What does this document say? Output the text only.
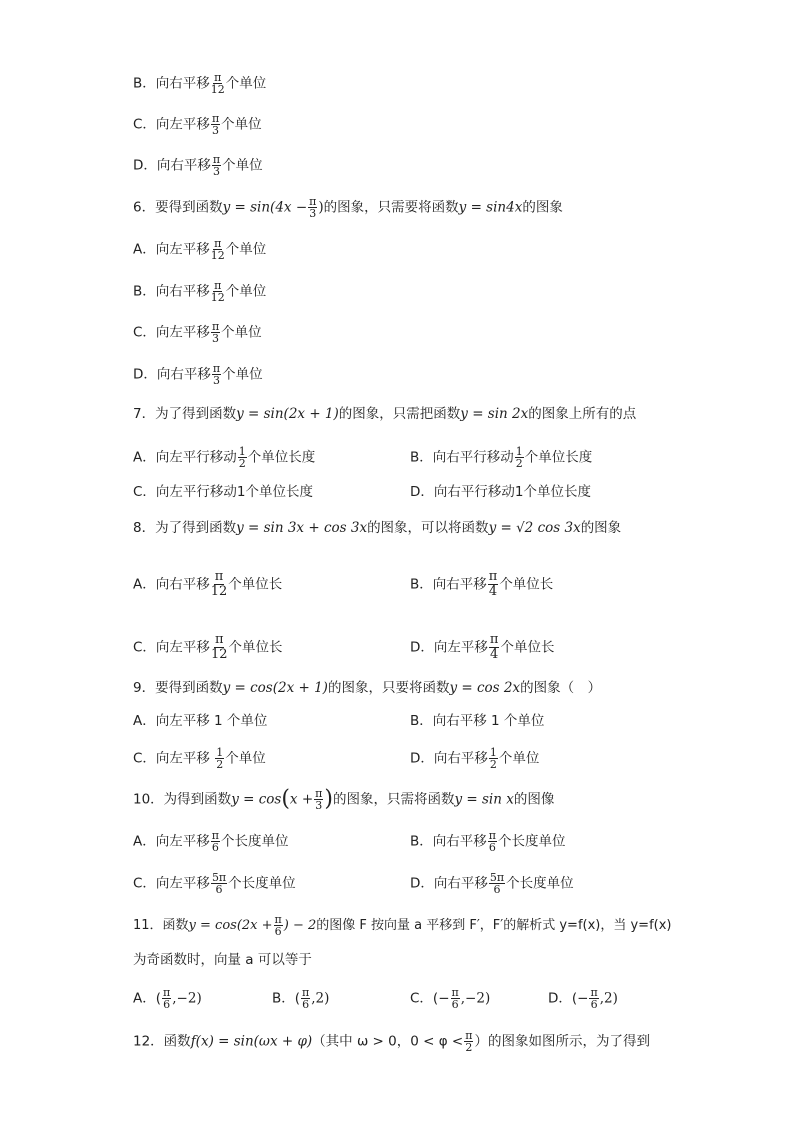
B．向右平移 $\frac{\pi}{12}$ 个单位
C．向左平移 $\frac{\pi}{3}$ 个单位
D．向右平移 $\frac{\pi}{3}$ 个单位
6．要得到函数$y = \sin(4x - \frac{\pi}{3}$ )的图象，只需要将函数y = sin4x的图象
A．向左平移 $\frac{\pi}{12}$ 个单位
B．向右平移 $\frac{\pi}{12}$ 个单位
C．向左平移 $\frac{\pi}{3}$ 个单位
D．向右平移 $\frac{\pi}{3}$ 个单位
7．为了得到函数y = sin(2x + 1)的图象，只需把函数y = sin 2x的图象上所有的点
A．向左平行移动 $\frac{1}{2}$ 个单位长度	B．向右平行移动 $\frac{1}{2}$ 个单位长度
C．向左平行移动1个单位长度	D．向右平行移动1个单位长度
8．为了得到函数y = sin 3x + cos 3x的图象，可以将函数y = √2 cos 3x的图象
A．向右平移 $\frac{\pi}{12}$ 个单位长	B．向右平移 $\frac{\pi}{4}$ 个单位长
C．向左平移 $\frac{\pi}{12}$ 个单位长	D．向左平移 $\frac{\pi}{4}$ 个单位长
9．要得到函数y = cos(2x + 1)的图象，只要将函数y = cos 2x的图象（　）
A．向左平移 1 个单位	B．向右平移 1 个单位
C．向左平移 $\frac{1}{2}$ 个单位	D．向右平移 $\frac{1}{2}$ 个单位
10．为得到函数$y = \cos(x + \frac{\pi}{3}$ )的图象，只需将函数y = sin x的图像
A．向左平移 $\frac{\pi}{6}$ 个长度单位	B．向右平移 $\frac{\pi}{6}$ 个长度单位
C．向左平移 $\frac{5\pi}{6}$ 个长度单位	D．向右平移 $\frac{5\pi}{6}$ 个长度单位
11．函数$y = \cos(2x + \frac{\pi}{6}$ ) − 2的图像 F 按向量 a 平移到 F′，F′的解析式 y=f(x)，当 y=f(x)
为奇函数时，向量 a 可以等于
A．( $\frac{\pi}{6} ,-2$)	B．( $\frac{\pi}{6} ,2$)	C．(− $\frac{\pi}{6} ,-2$)	D．(− $\frac{\pi}{6} ,2$)
12．函数f(x) = sin(ωx + φ)（其中 ω > 0，$0 < \varphi < \frac{\pi}{2}$ ）的图象如图所示，为了得到
